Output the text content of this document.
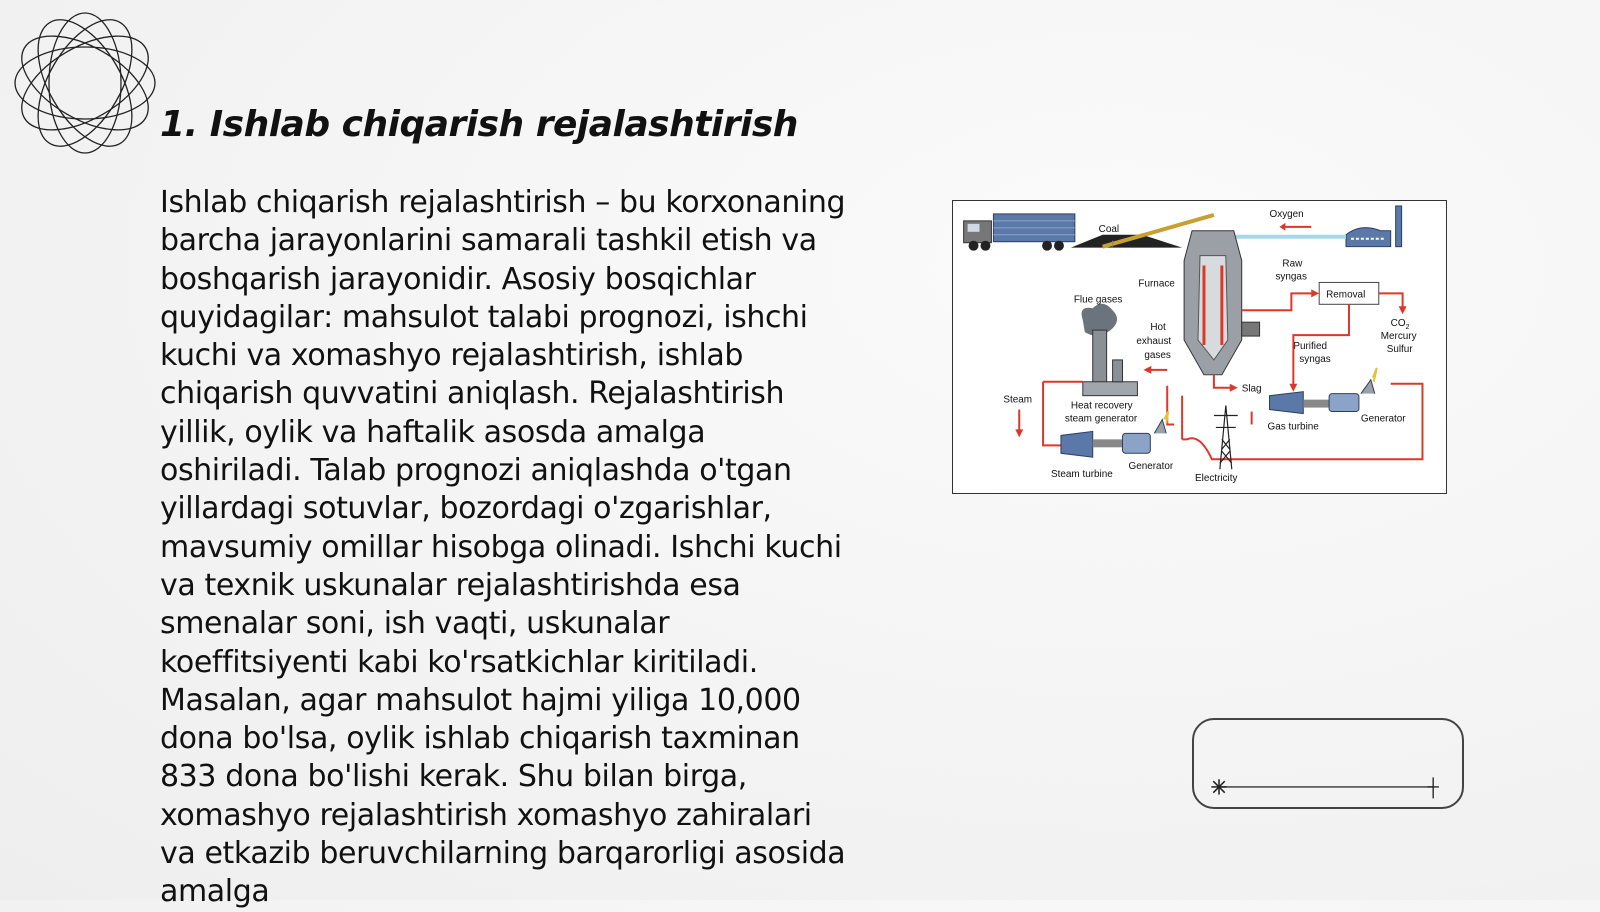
1. Ishlab chiqarish rejalashtirish

Ishlab chiqarish rejalashtirish – bu korxonaning barcha jarayonlarini samarali tashkil etish va boshqarish jarayonidir. Asosiy bosqichlar quyidagilar: mahsulot talabi prognozi, ishchi kuchi va xomashyo rejalashtirish, ishlab chiqarish quvvatini aniqlash. Rejalashtirish yillik, oylik va haftalik asosda amalga oshiriladi. Talab prognozi aniqlashda o'tgan yillardagi sotuvlar, bozordagi o'zgarishlar, mavsumiy omillar hisobga olinadi. Ishchi kuchi va texnik uskunalar rejalashtirishda esa smenalar soni, ish vaqti, uskunalar koeffitsiyenti kabi ko'rsatkichlar kiritiladi. Masalan, agar mahsulot hajmi yiliga 10,000 dona bo'lsa, oylik ishlab chiqarish taxminan 833 dona bo'lishi kerak. Shu bilan birga, xomashyo rejalashtirish xomashyo zahiralari va etkazib beruvchilarning barqarorligi asosida amalga

Coal
Oxygen
Furnace
Raw
syngas
Removal
$CO_2$
Mercury
Sulfur
Purified
syngas
Flue gases
Hot
exhaust
gases
Slag
Steam
Heat recovery
steam generator
Steam turbine
Generator
Gas turbine
Generator
Electricity
